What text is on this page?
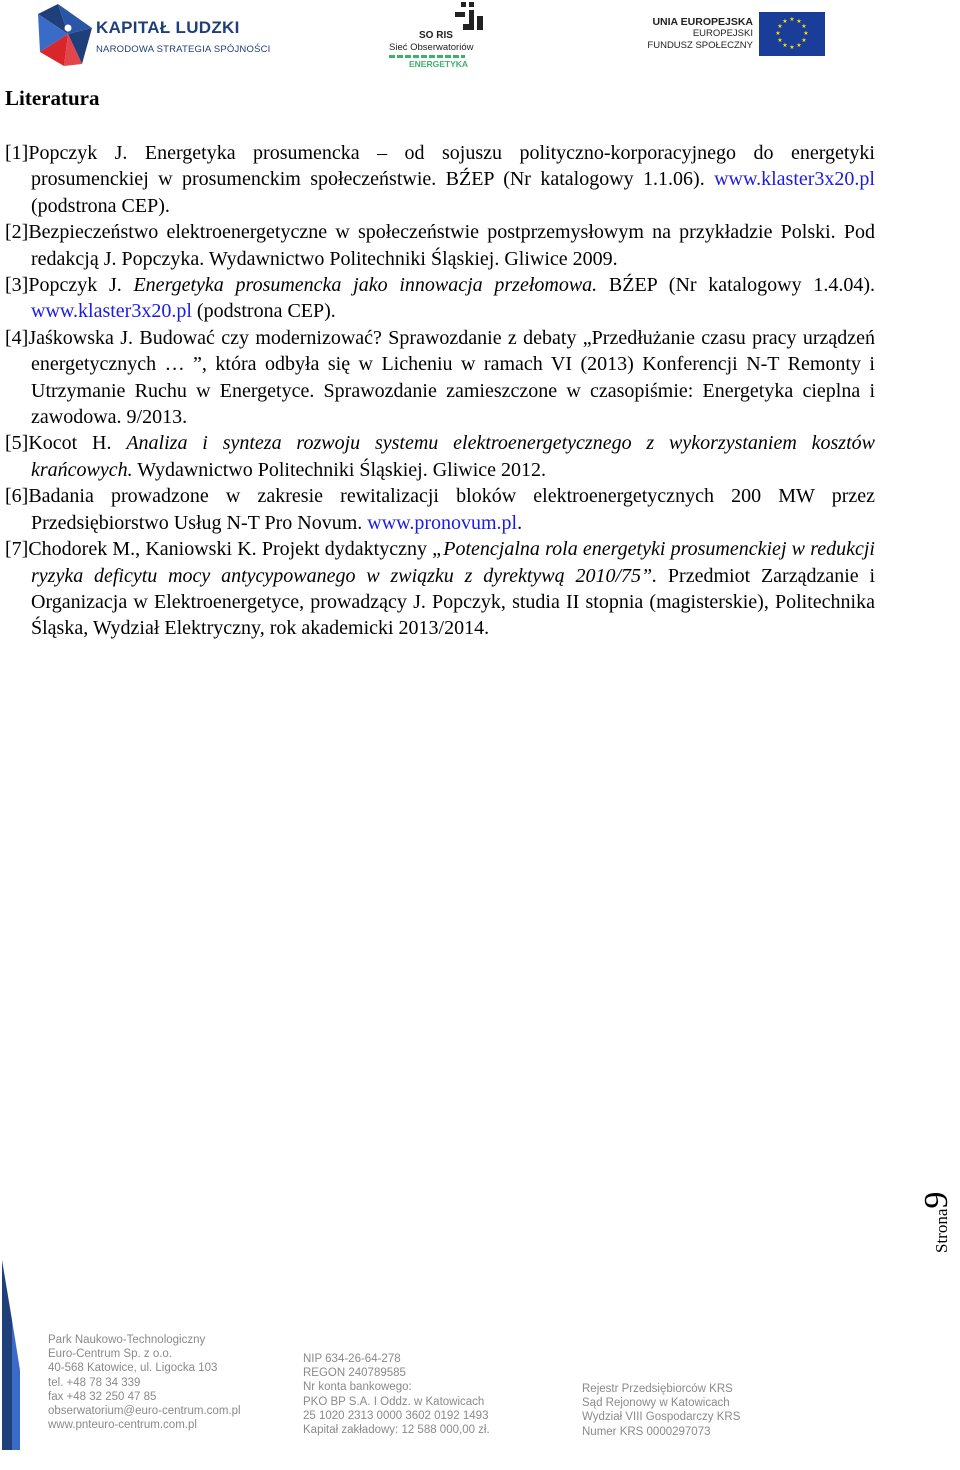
KAPITAŁ LUDZKI
NARODOWA STRATEGIA SPÓJNOŚCI
SO RIS
Sieć Obserwatoriów
ENERGETYKA
UNIA EUROPEJSKA
EUROPEJSKI
FUNDUSZ SPOŁECZNY
★ ★
★
★
★
★
★
★
★
★
★
★
Literatura
[1]Popczyk J. Energetyka prosumencka – od sojuszu polityczno-korporacyjnego do energetyki prosumenckiej w prosumenckim społeczeństwie. BŹEP (Nr katalogowy 1.1.06). www.klaster3x20.pl (podstrona CEP).
[2]Bezpieczeństwo elektroenergetyczne w społeczeństwie postprzemysłowym na przykładzie Polski. Pod redakcją J. Popczyka. Wydawnictwo Politechniki Śląskiej. Gliwice 2009.
[3]Popczyk J. Energetyka prosumencka jako innowacja przełomowa. BŹEP (Nr katalogowy 1.4.04). www.klaster3x20.pl (podstrona CEP).
[4]Jaśkowska J. Budować czy modernizować? Sprawozdanie z debaty „Przedłużanie czasu pracy urządzeń energetycznych … ”, która odbyła się w Licheniu w ramach VI (2013) Konferencji N-T Remonty i Utrzymanie Ruchu w Energetyce. Sprawozdanie zamieszczone w czasopiśmie: Energetyka cieplna i zawodowa. 9/2013.
[5]Kocot H. Analiza i synteza rozwoju systemu elektroenergetycznego z wykorzystaniem kosztów krańcowych. Wydawnictwo Politechniki Śląskiej. Gliwice 2012.
[6]Badania prowadzone w zakresie rewitalizacji bloków elektroenergetycznych 200 MW przez Przedsiębiorstwo Usług N-T Pro Novum. www.pronovum.pl.
[7]Chodorek M., Kaniowski K. Projekt dydaktyczny „Potencjalna rola energetyki prosumenckiej w redukcji ryzyka deficytu mocy antycypowanego w związku z dyrektywą 2010/75”. Przedmiot Zarządzanie i Organizacja w Elektroenergetyce, prowadzący J. Popczyk, studia II stopnia (magisterskie), Politechnika Śląska, Wydział Elektryczny, rok akademicki 2013/2014.
Strona9
Park Naukowo-Technologiczny
Euro-Centrum Sp. z o.o.
40-568 Katowice, ul. Ligocka 103
tel. +48 78 34 339
fax +48 32 250 47 85
obserwatorium@euro-centrum.com.pl
www.pnteuro-centrum.com.pl
NIP 634-26-64-278
REGON 240789585
Nr konta bankowego:
PKO BP S.A. I Oddz. w Katowicach
25 1020 2313 0000 3602 0192 1493
Kapitał zakładowy: 12 588 000,00 zł.
Rejestr Przedsiębiorców KRS
Sąd Rejonowy w Katowicach
Wydział VIII Gospodarczy KRS
Numer KRS 0000297073
